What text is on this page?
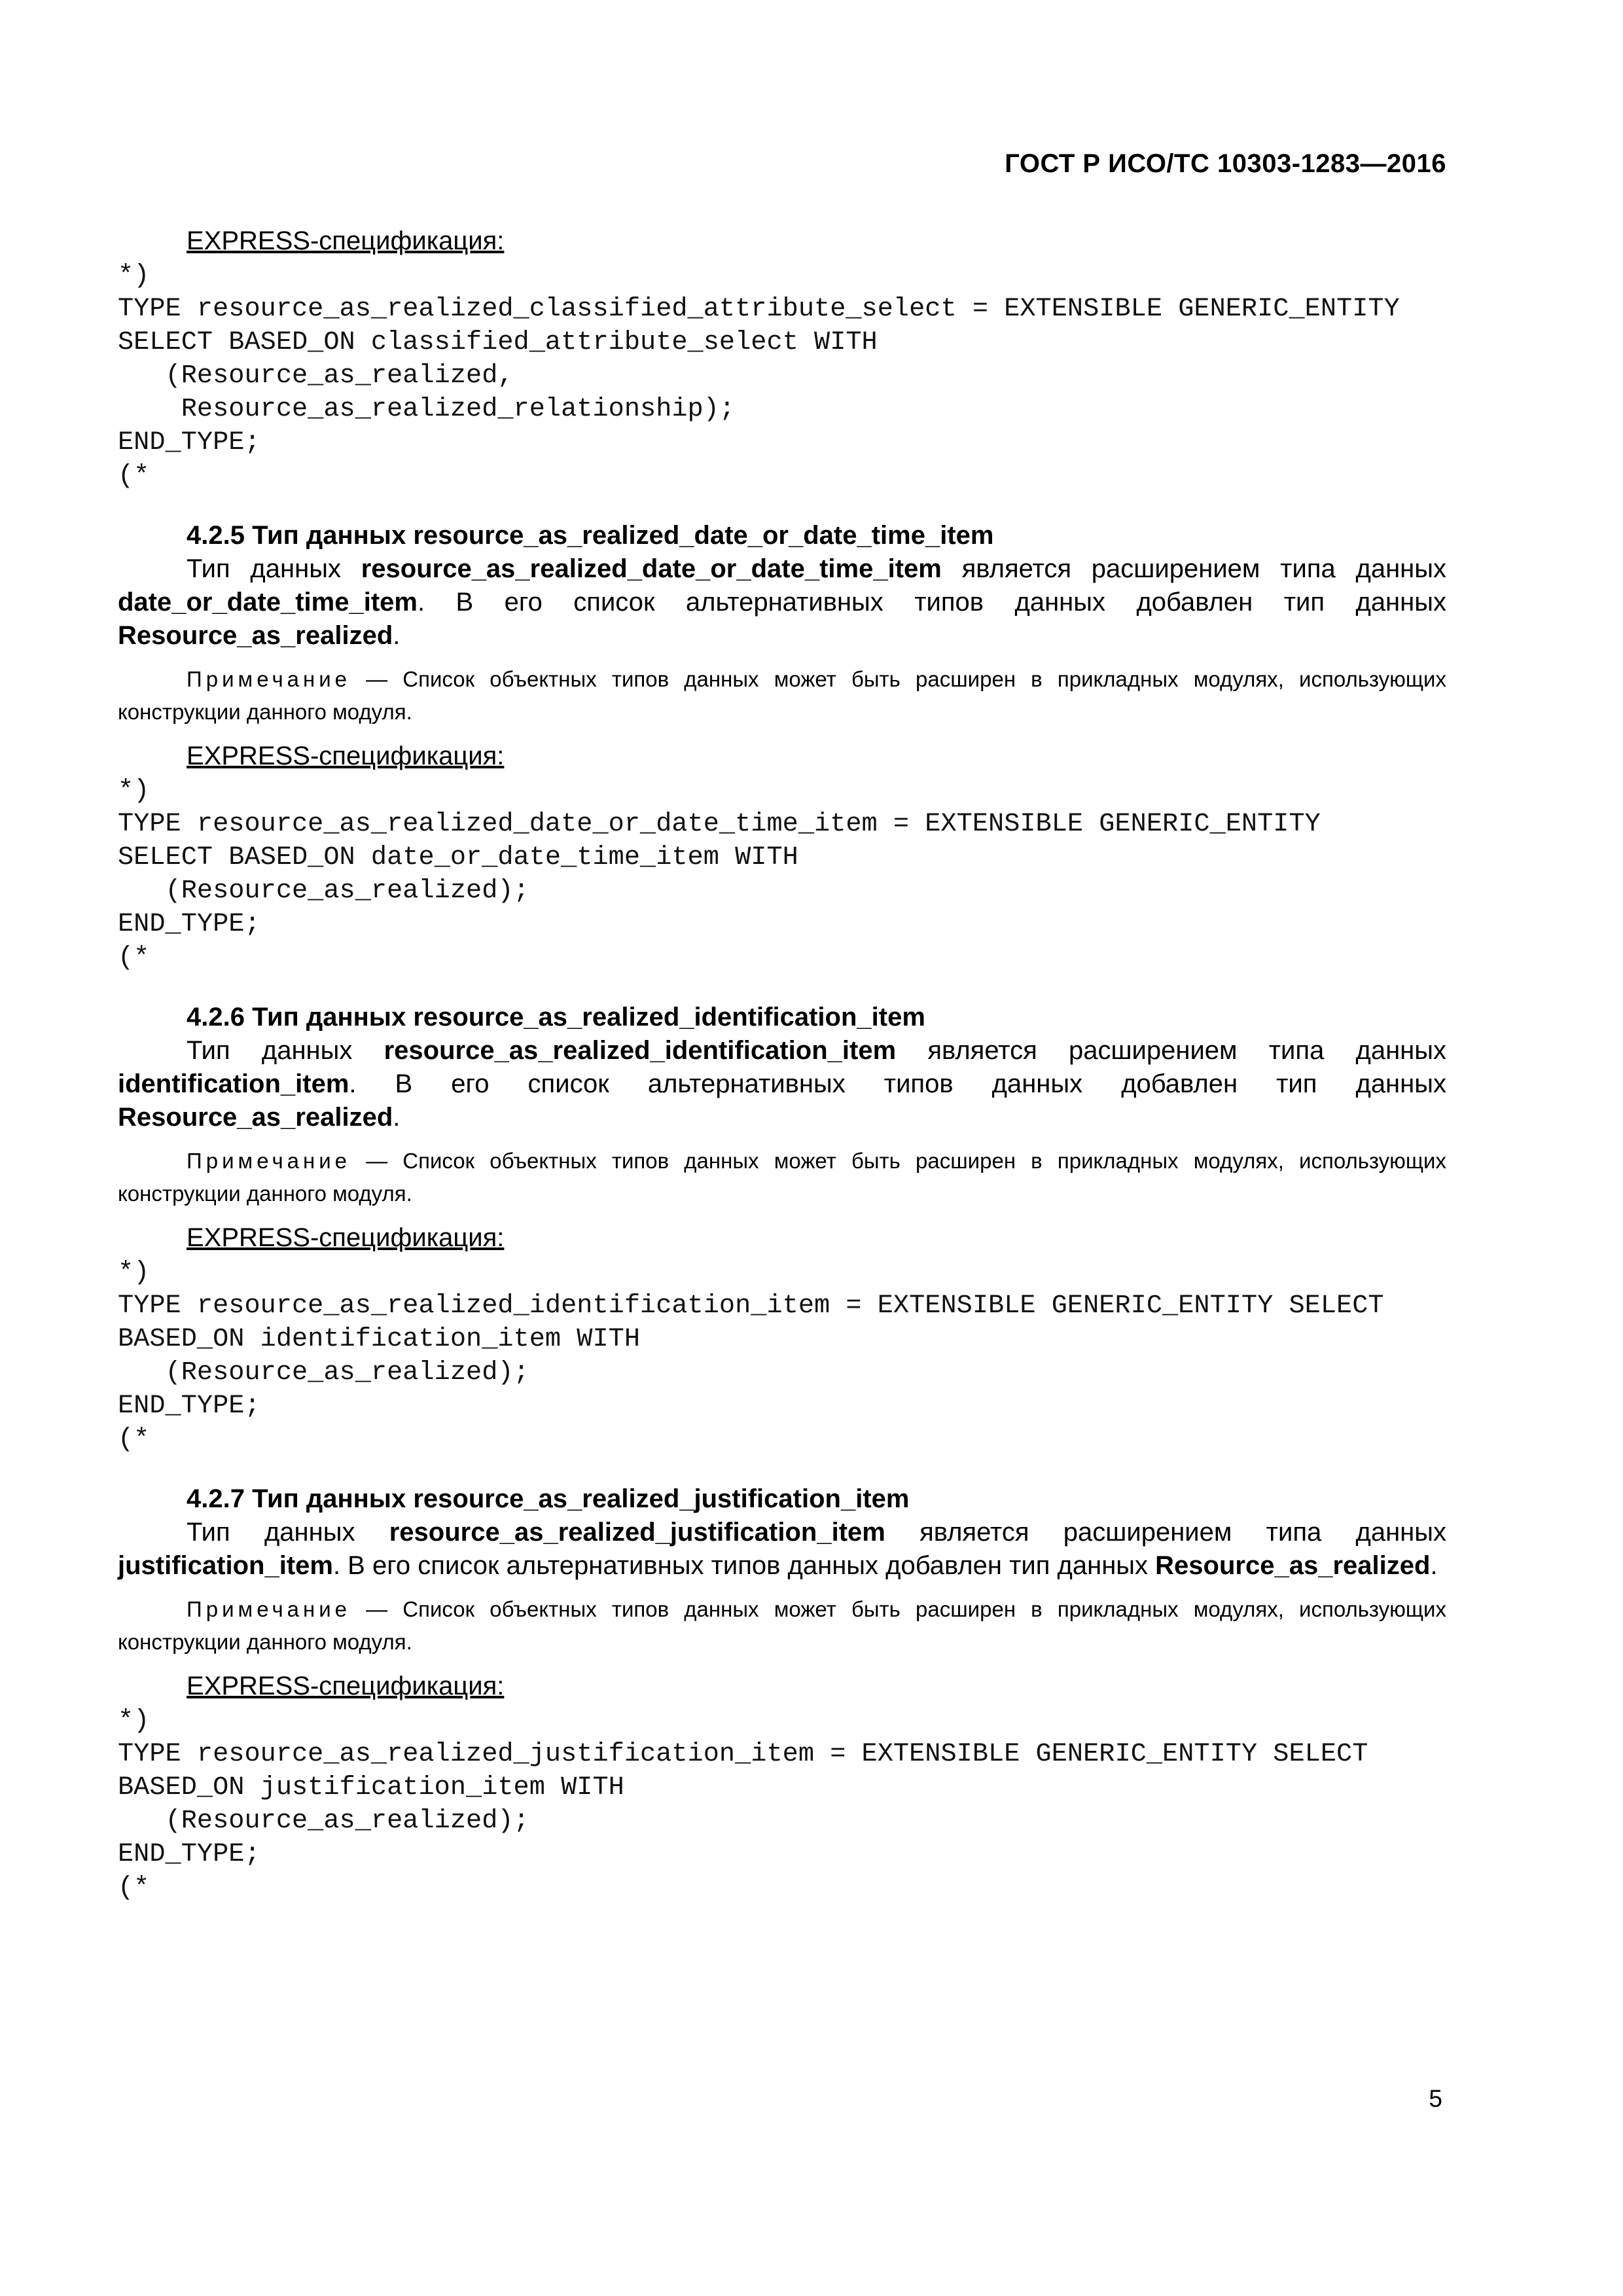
ГОСТ Р ИСО/ТС 10303-1283—2016
EXPRESS-спецификация:
*)
TYPE resource_as_realized_classified_attribute_select = EXTENSIBLE GENERIC_ENTITY
SELECT BASED_ON classified_attribute_select WITH
(Resource_as_realized,
Resource_as_realized_relationship);
END_TYPE;
(*
4.2.5 Тип данных resource_as_realized_date_or_date_time_item
Тип данных resource_as_realized_date_or_date_time_item является расширением типа данных date_or_date_time_item. В его список альтернативных типов данных добавлен тип данных Resource_as_realized.
Примечание — Список объектных типов данных может быть расширен в прикладных модулях, использующих конструкции данного модуля.
EXPRESS-спецификация:
*)
TYPE resource_as_realized_date_or_date_time_item = EXTENSIBLE GENERIC_ENTITY
SELECT BASED_ON date_or_date_time_item WITH
(Resource_as_realized);
END_TYPE;
(*
4.2.6 Тип данных resource_as_realized_identification_item
Тип данных resource_as_realized_identification_item является расширением типа данных identification_item. В его список альтернативных типов данных добавлен тип данных Resource_as_realized.
Примечание — Список объектных типов данных может быть расширен в прикладных модулях, использующих конструкции данного модуля.
EXPRESS-спецификация:
*)
TYPE resource_as_realized_identification_item = EXTENSIBLE GENERIC_ENTITY SELECT
BASED_ON identification_item WITH
(Resource_as_realized);
END_TYPE;
(*
4.2.7 Тип данных resource_as_realized_justification_item
Тип данных resource_as_realized_justification_item является расширением типа данных justification_item. В его список альтернативных типов данных добавлен тип данных Resource_as_realized.
Примечание — Список объектных типов данных может быть расширен в прикладных модулях, использующих конструкции данного модуля.
EXPRESS-спецификация:
*)
TYPE resource_as_realized_justification_item = EXTENSIBLE GENERIC_ENTITY SELECT
BASED_ON justification_item WITH
(Resource_as_realized);
END_TYPE;
(*
5
